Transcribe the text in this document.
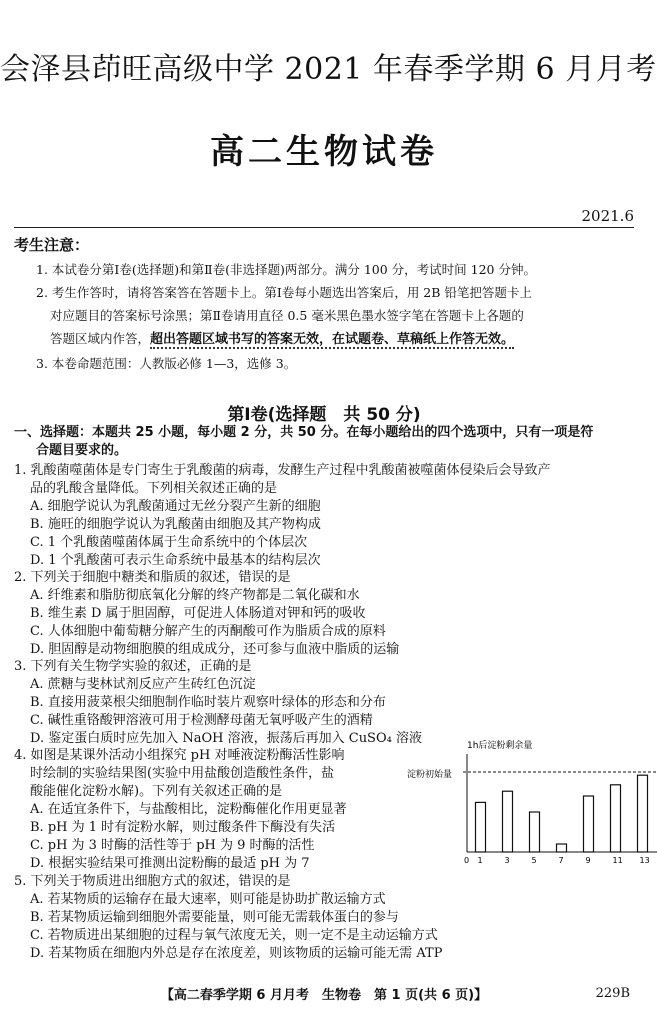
会泽县茚旺高级中学 2021 年春季学期 6 月月考
高二生物试卷
2021.6
考生注意：
1. 本试卷分第Ⅰ卷(选择题)和第Ⅱ卷(非选择题)两部分。满分 100 分，考试时间 120 分钟。
2. 考生作答时，请将答案答在答题卡上。第Ⅰ卷每小题选出答案后，用 2B 铅笔把答题卡上
对应题目的答案标号涂黑；第Ⅱ卷请用直径 0.5 毫米黑色墨水签字笔在答题卡上各题的
答题区域内作答，超出答题区域书写的答案无效，在试题卷、草稿纸上作答无效。
3. 本卷命题范围：人教版必修 1—3，选修 3。
第Ⅰ卷(选择题　共 50 分)
一、选择题：本题共 25 小题，每小题 2 分，共 50 分。在每小题给出的四个选项中，只有一项是符
合题目要求的。
1. 乳酸菌噬菌体是专门寄生于乳酸菌的病毒，发酵生产过程中乳酸菌被噬菌体侵染后会导致产
品的乳酸含量降低。下列相关叙述正确的是
A. 细胞学说认为乳酸菌通过无丝分裂产生新的细胞
B. 施旺的细胞学说认为乳酸菌由细胞及其产物构成
C. 1 个乳酸菌噬菌体属于生命系统中的个体层次
D. 1 个乳酸菌可表示生命系统中最基本的结构层次
2. 下列关于细胞中糖类和脂质的叙述，错误的是
A. 纤维素和脂肪彻底氧化分解的终产物都是二氧化碳和水
B. 维生素 D 属于胆固醇，可促进人体肠道对钾和钙的吸收
C. 人体细胞中葡萄糖分解产生的丙酮酸可作为脂质合成的原料
D. 胆固醇是动物细胞膜的组成成分，还可参与血液中脂质的运输
3. 下列有关生物学实验的叙述，正确的是
A. 蔗糖与斐林试剂反应产生砖红色沉淀
B. 直接用菠菜根尖细胞制作临时装片观察叶绿体的形态和分布
C. 碱性重铬酸钾溶液可用于检测酵母菌无氧呼吸产生的酒精
D. 鉴定蛋白质时应先加入 NaOH 溶液，振荡后再加入 CuSO₄ 溶液
4. 如图是某课外活动小组探究 pH 对唾液淀粉酶活性影响
时绘制的实验结果图(实验中用盐酸创造酸性条件，盐
酸能催化淀粉水解)。下列有关叙述正确的是
A. 在适宜条件下，与盐酸相比，淀粉酶催化作用更显著
B. pH 为 1 时有淀粉水解，则过酸条件下酶没有失活
C. pH 为 3 时酶的活性等于 pH 为 9 时酶的活性
D. 根据实验结果可推测出淀粉酶的最适 pH 为 7
1h后淀粉剩余量
淀粉初始量
0 1	3	5	7	9	11 13
5. 下列关于物质进出细胞方式的叙述，错误的是
A. 若某物质的运输存在最大速率，则可能是协助扩散运输方式
B. 若某物质运输到细胞外需要能量，则可能无需载体蛋白的参与
C. 若物质进出某细胞的过程与氧气浓度无关，则一定不是主动运输方式
D. 若某物质在细胞内外总是存在浓度差，则该物质的运输可能无需 ATP
【高二春季学期 6 月月考　生物卷　第 1 页(共 6 页)】	229B
